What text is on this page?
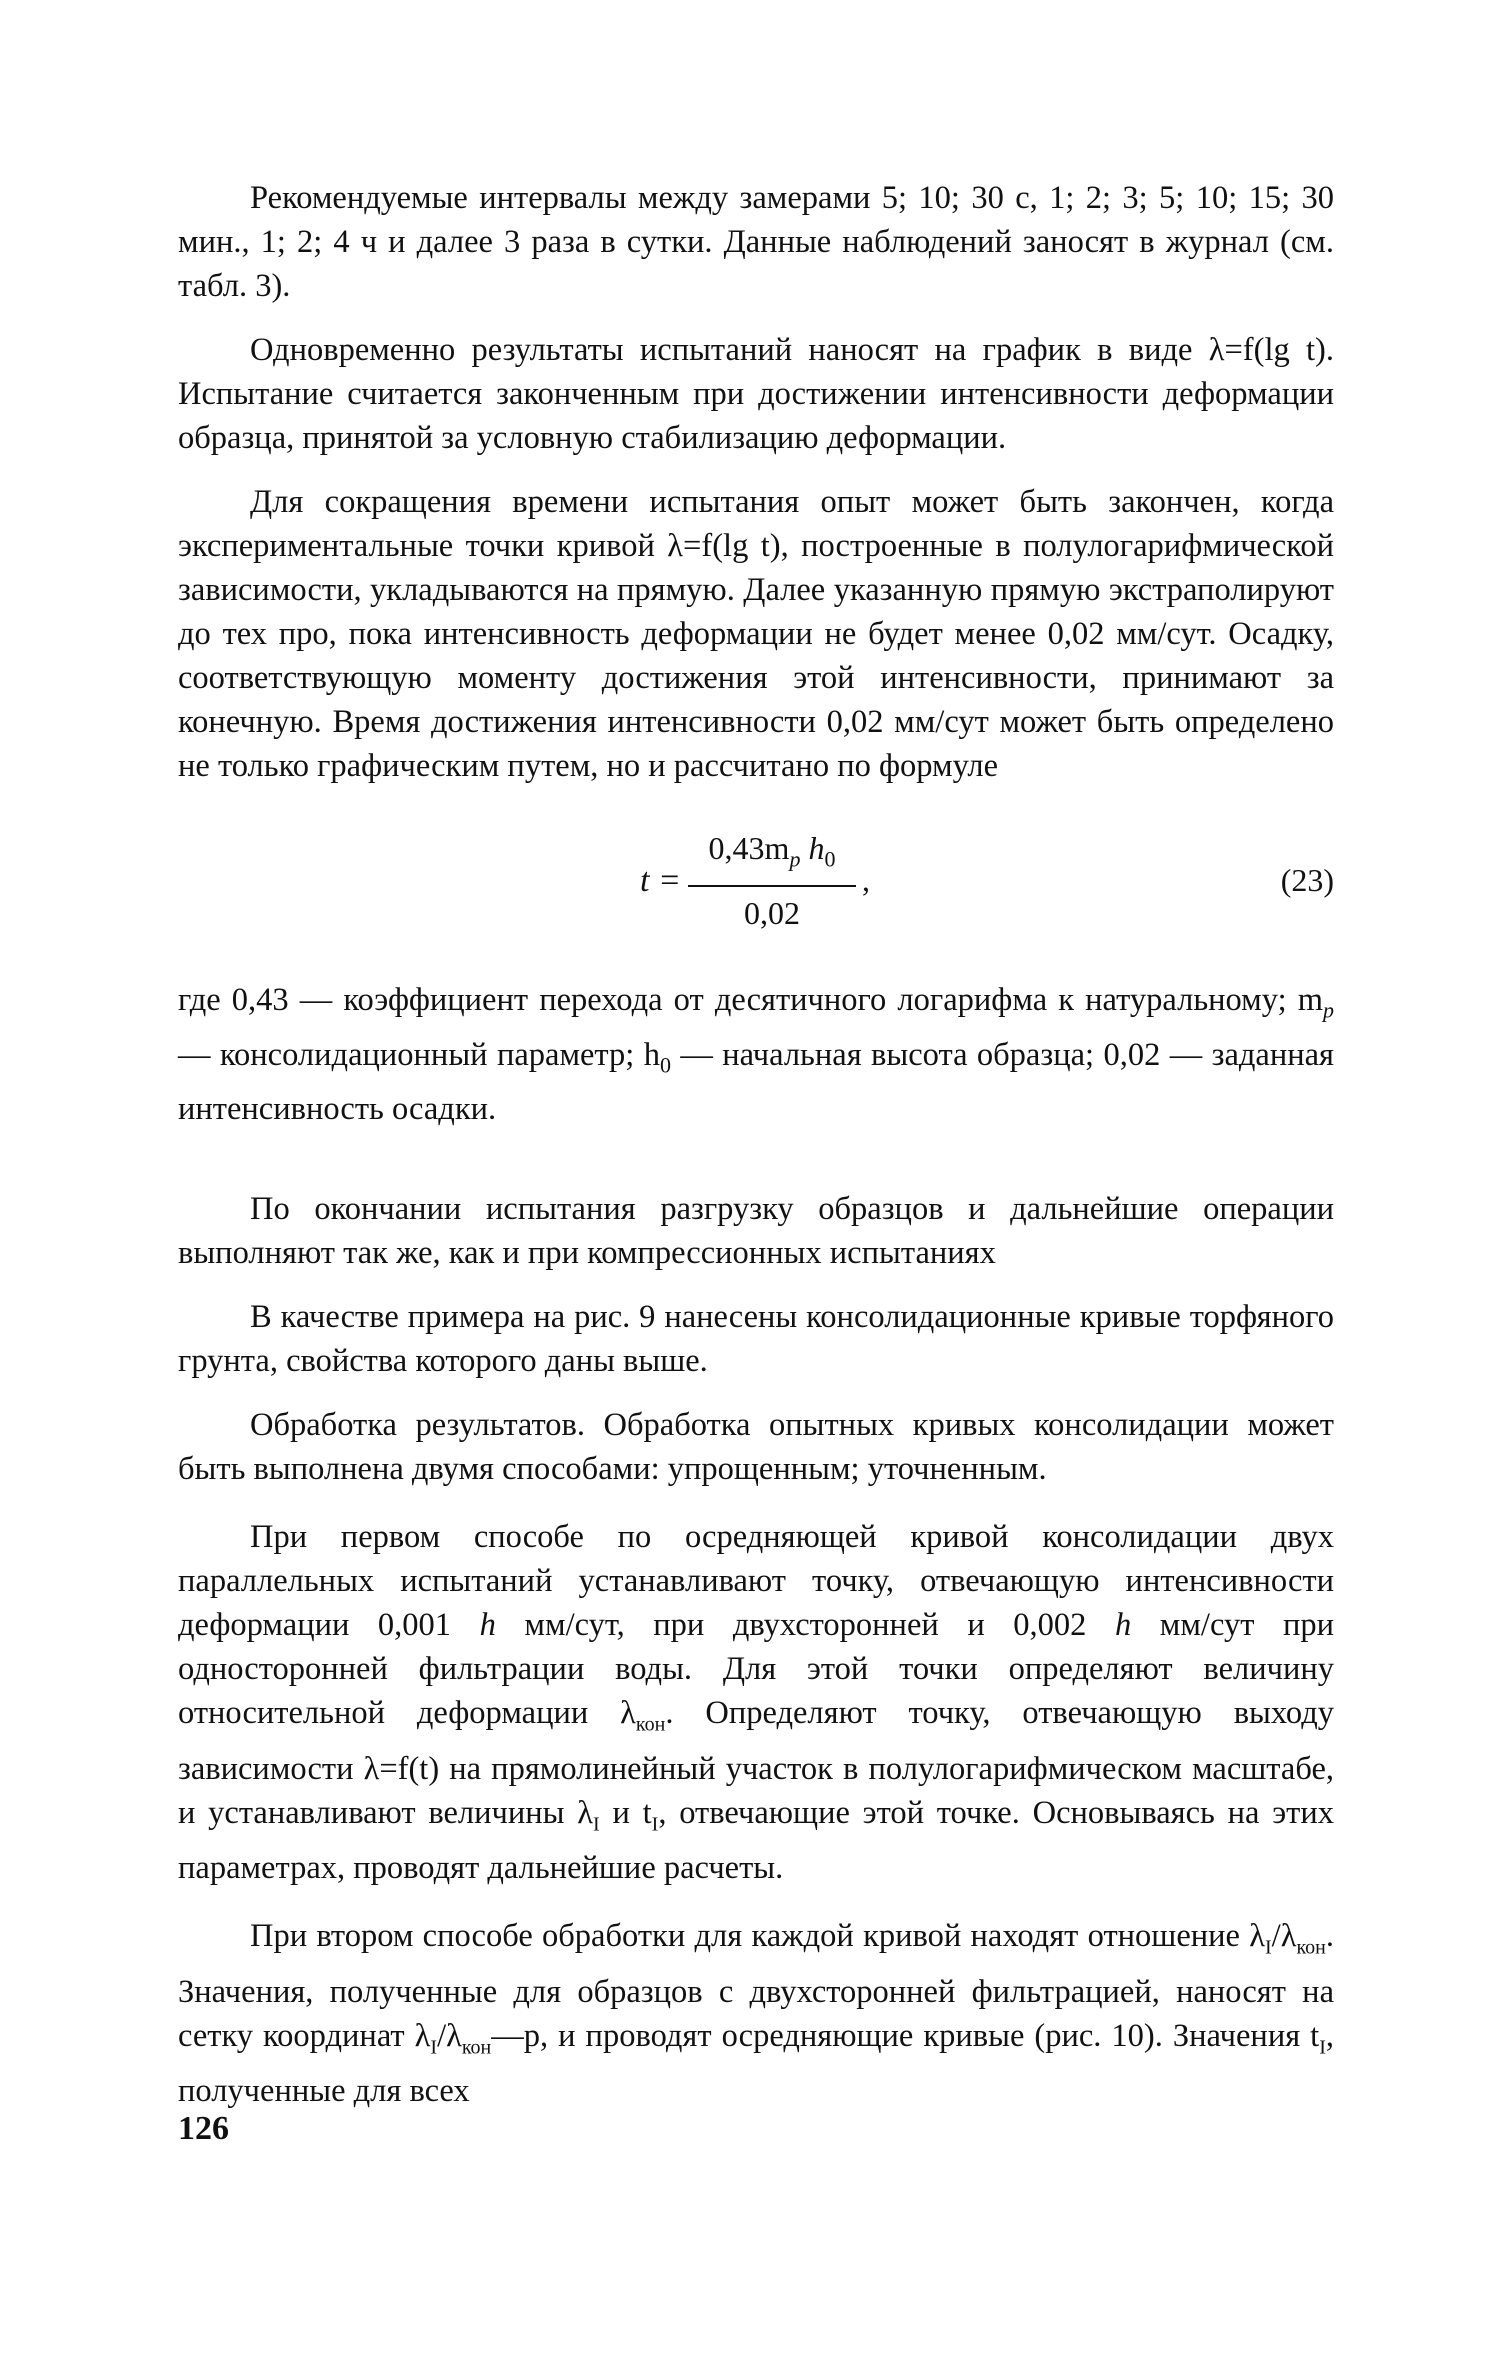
Рекомендуемые интервалы между замерами 5; 10; 30 с, 1; 2; 3; 5; 10; 15; 30 мин., 1; 2; 4 ч и далее 3 раза в сутки. Данные наблюдений заносят в журнал (см. табл. 3).

Одновременно результаты испытаний наносят на график в виде λ=f(lg t). Испытание считается законченным при достижении интенсивности деформации образца, принятой за условную стабилизацию деформации.

Для сокращения времени испытания опыт может быть закончен, когда экспериментальные точки кривой λ=f(lg t), построенные в полулогарифмической зависимости, укладываются на прямую. Далее указанную прямую экстраполируют до тех про, пока интенсивность деформации не будет менее 0,02 мм/сут. Осадку, соответствующую моменту достижения этой интенсивности, принимают за конечную. Время достижения интенсивности 0,02 мм/сут может быть определено не только графическим путем, но и рассчитано по формуле

$t = \frac{0,43m_p h_0}{0,02}$ ,	(23)

где 0,43 — коэффициент перехода от десятичного логарифма к натуральному; $m_p$ — консолидационный параметр; $h_0$ — начальная высота образца; 0,02 — заданная интенсивность осадки.

По окончании испытания разгрузку образцов и дальнейшие операции выполняют так же, как и при компрессионных испытаниях

В качестве примера на рис. 9 нанесены консолидационные кривые торфяного грунта, свойства которого даны выше.

Обработка результатов. Обработка опытных кривых консолидации может быть выполнена двумя способами: упрощенным; уточненным.

При первом способе по осредняющей кривой консолидации двух параллельных испытаний устанавливают точку, отвечающую интенсивности деформации 0,001 h мм/сут, при двухсторонней и 0,002 h мм/сут при односторонней фильтрации воды. Для этой точки определяют величину относительной деформации $\lambda_{кон}$. Определяют точку, отвечающую выходу зависимости λ=f(t) на прямолинейный участок в полулогарифмическом масштабе, и устанавливают величины $\lambda_I$ и $t_I$, отвечающие этой точке. Основываясь на этих параметрах, проводят дальнейшие расчеты.

При втором способе обработки для каждой кривой находят отношение $\lambda_I/\lambda_{кон}$. Значения, полученные для образцов с двухсторонней фильтрацией, наносят на сетку координат $\lambda_I/\lambda_{кон}—p$, и проводят осредняющие кривые (рис. 10). Значения $t_I$, полученные для всех

126
